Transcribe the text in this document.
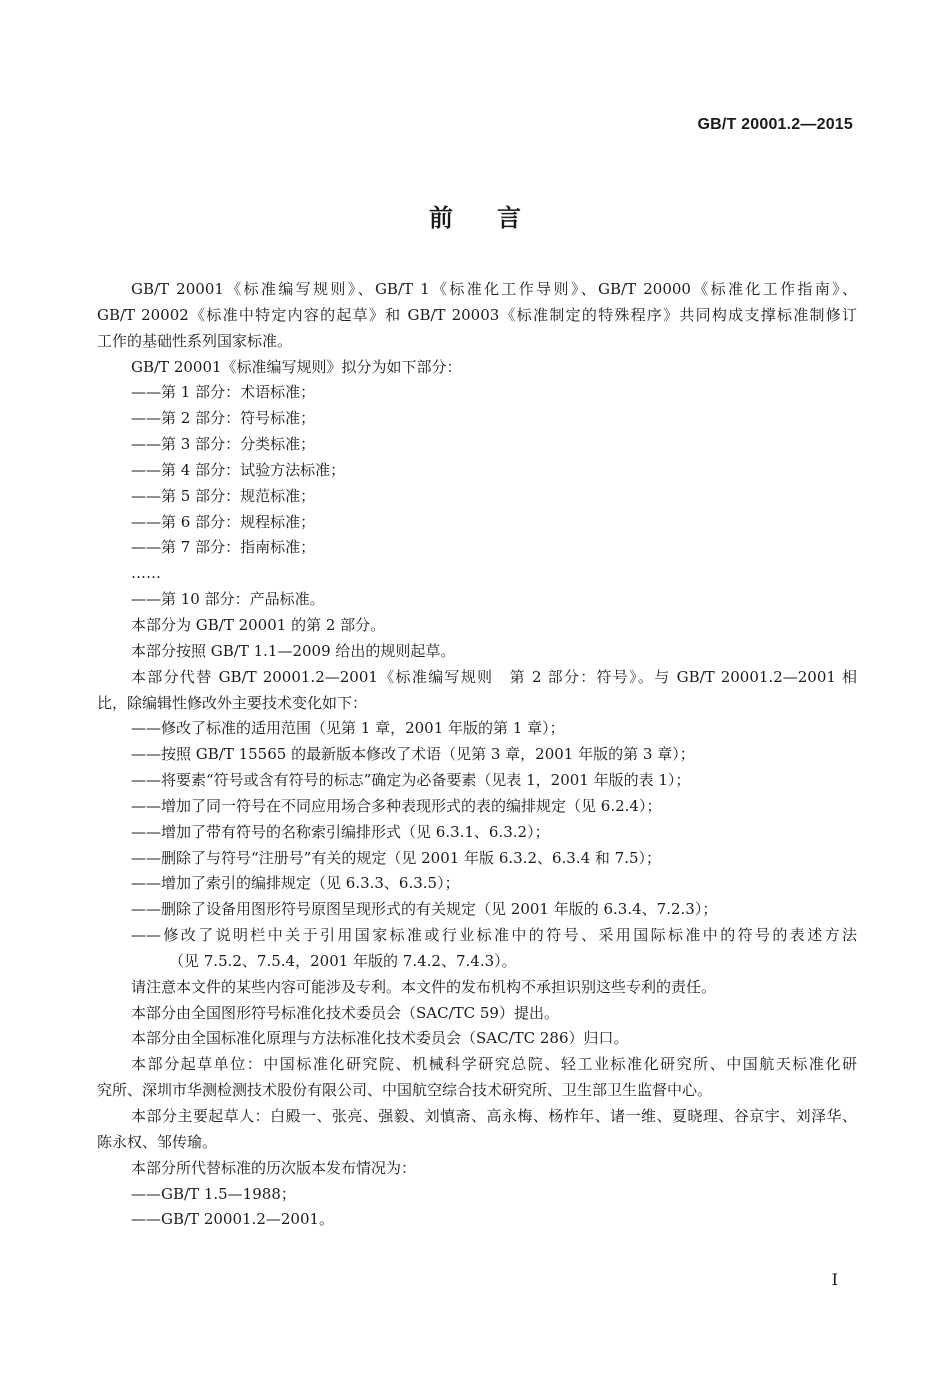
GB/T 20001.2—2015
前言
GB/T 20001《标准编写规则》、GB/T 1《标准化工作导则》、GB/T 20000《标准化工作指南》、
GB/T 20002《标准中特定内容的起草》和 GB/T 20003《标准制定的特殊程序》共同构成支撑标准制修订
工作的基础性系列国家标准。
GB/T 20001《标准编写规则》拟分为如下部分：
——第 1 部分：术语标准；
——第 2 部分：符号标准；
——第 3 部分：分类标准；
——第 4 部分：试验方法标准；
——第 5 部分：规范标准；
——第 6 部分：规程标准；
——第 7 部分：指南标准；
……
——第 10 部分：产品标准。
本部分为 GB/T 20001 的第 2 部分。
本部分按照 GB/T 1.1—2009 给出的规则起草。
本部分代替 GB/T 20001.2—2001《标准编写规则　第 2 部分：符号》。与 GB/T 20001.2—2001 相
比，除编辑性修改外主要技术变化如下：
——修改了标准的适用范围（见第 1 章，2001 年版的第 1 章）；
——按照 GB/T 15565 的最新版本修改了术语（见第 3 章，2001 年版的第 3 章）；
——将要素“符号或含有符号的标志”确定为必备要素（见表 1，2001 年版的表 1）；
——增加了同一符号在不同应用场合多种表现形式的表的编排规定（见 6.2.4）；
——增加了带有符号的名称索引编排形式（见 6.3.1、6.3.2）；
——删除了与符号“注册号”有关的规定（见 2001 年版 6.3.2、6.3.4 和 7.5）；
——增加了索引的编排规定（见 6.3.3、6.3.5）；
——删除了设备用图形符号原图呈现形式的有关规定（见 2001 年版的 6.3.4、7.2.3）；
——修改了说明栏中关于引用国家标准或行业标准中的符号、采用国际标准中的符号的表述方法
（见 7.5.2、7.5.4，2001 年版的 7.4.2、7.4.3）。
请注意本文件的某些内容可能涉及专利。本文件的发布机构不承担识别这些专利的责任。
本部分由全国图形符号标准化技术委员会（SAC/TC 59）提出。
本部分由全国标准化原理与方法标准化技术委员会（SAC/TC 286）归口。
本部分起草单位：中国标准化研究院、机械科学研究总院、轻工业标准化研究所、中国航天标准化研
究所、深圳市华测检测技术股份有限公司、中国航空综合技术研究所、卫生部卫生监督中心。
本部分主要起草人：白殿一、张亮、强毅、刘慎斋、高永梅、杨柞年、诸一维、夏晓理、谷京宇、刘泽华、
陈永权、邹传瑜。
本部分所代替标准的历次版本发布情况为：
——GB/T 1.5—1988；
——GB/T 20001.2—2001。
I
